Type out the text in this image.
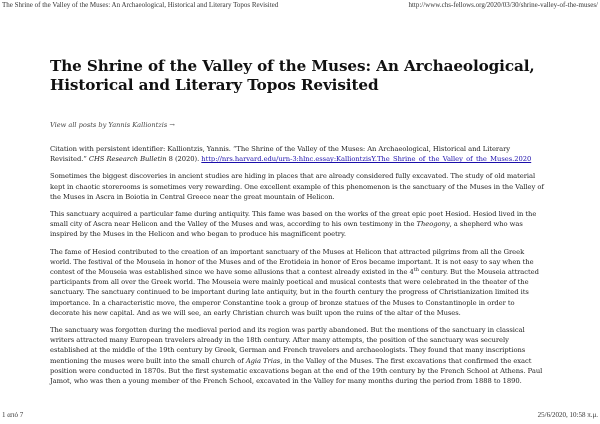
The Shrine of the Valley of the Muses: An Archaeological, Historical and Literary Topos Revisited	http://www.chs-fellows.org/2020/03/30/shrine-valley-of-the-muses/
The Shrine of the Valley of the Muses: An Archaeological, Historical and Literary Topos Revisited
View all posts by Yannis Kalliontzis →

Citation with persistent identifier: Kalliontzis, Yannis. “The Shrine of the Valley of the Muses: An Archaeological, Historical and Literary Revisited.” CHS Research Bulletin 8 (2020). http://nrs.harvard.edu/urn-3:hlnc.essay:KalliontzisY.The_Shrine_of_the_Valley_of_the_Muses.2020

Sometimes the biggest discoveries in ancient studies are hiding in places that are already considered fully excavated. The study of old material kept in chaotic storerooms is sometimes very rewarding. One excellent example of this phenomenon is the sanctuary of the Muses in the Valley of the Muses in Ascra in Boiotia in Central Greece near the great mountain of Helicon.

This sanctuary acquired a particular fame during antiquity. This fame was based on the works of the great epic poet Hesiod. Hesiod lived in the small city of Ascra near Helicon and the Valley of the Muses and was, according to his own testimony in the Theogony, a shepherd who was inspired by the Muses in the Helicon and who began to produce his magnificent poetry.

The fame of Hesiod contributed to the creation of an important sanctuary of the Muses at Helicon that attracted pilgrims from all the Greek world. The festival of the Mouseia in honor of the Muses and of the Erotideia in honor of Eros became important. It is not easy to say when the contest of the Mouseia was established since we have some allusions that a contest already existed in the 4th century. But the Mouseia attracted participants from all over the Greek world. The Mouseia were mainly poetical and musical contests that were celebrated in the theater of the sanctuary. The sanctuary continued to be important during late antiquity, but in the fourth century the progress of Christianization limited its importance. In a characteristic move, the emperor Constantine took a group of bronze statues of the Muses to Constantinople in order to decorate his new capital. And as we will see, an early Christian church was built upon the ruins of the altar of the Muses.

The sanctuary was forgotten during the medieval period and its region was partly abandoned. But the mentions of the sanctuary in classical writers attracted many European travelers already in the 18th century. After many attempts, the position of the sanctuary was securely established at the middle of the 19th century by Greek, German and French travelers and archaeologists. They found that many inscriptions mentioning the muses were built into the small church of Agia Trias, in the Valley of the Muses. The first excavations that confirmed the exact position were conducted in 1870s. But the first systematic excavations began at the end of the 19th century by the French School at Athens. Paul Jamot, who was then a young member of the French School, excavated in the Valley for many months during the period from 1888 to 1890.

1 από 7	25/6/2020, 10:58 π.μ.
